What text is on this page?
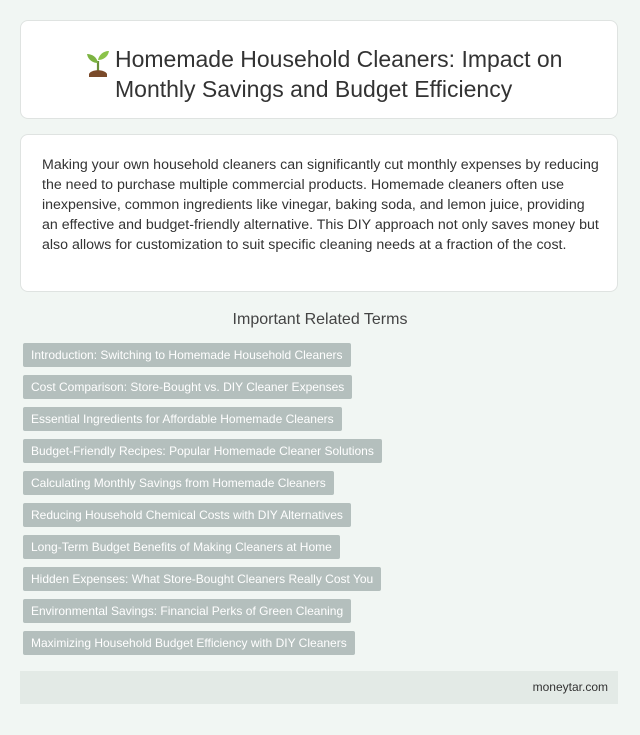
Homemade Household Cleaners: Impact on Monthly Savings and Budget Efficiency

Making your own household cleaners can significantly cut monthly expenses by reducing the need to purchase multiple commercial products. Homemade cleaners often use inexpensive, common ingredients like vinegar, baking soda, and lemon juice, providing an effective and budget-friendly alternative. This DIY approach not only saves money but also allows for customization to suit specific cleaning needs at a fraction of the cost.

Important Related Terms
Introduction: Switching to Homemade Household Cleaners
Cost Comparison: Store-Bought vs. DIY Cleaner Expenses
Essential Ingredients for Affordable Homemade Cleaners
Budget-Friendly Recipes: Popular Homemade Cleaner Solutions
Calculating Monthly Savings from Homemade Cleaners
Reducing Household Chemical Costs with DIY Alternatives
Long-Term Budget Benefits of Making Cleaners at Home
Hidden Expenses: What Store-Bought Cleaners Really Cost You
Environmental Savings: Financial Perks of Green Cleaning
Maximizing Household Budget Efficiency with DIY Cleaners
moneytar.com
